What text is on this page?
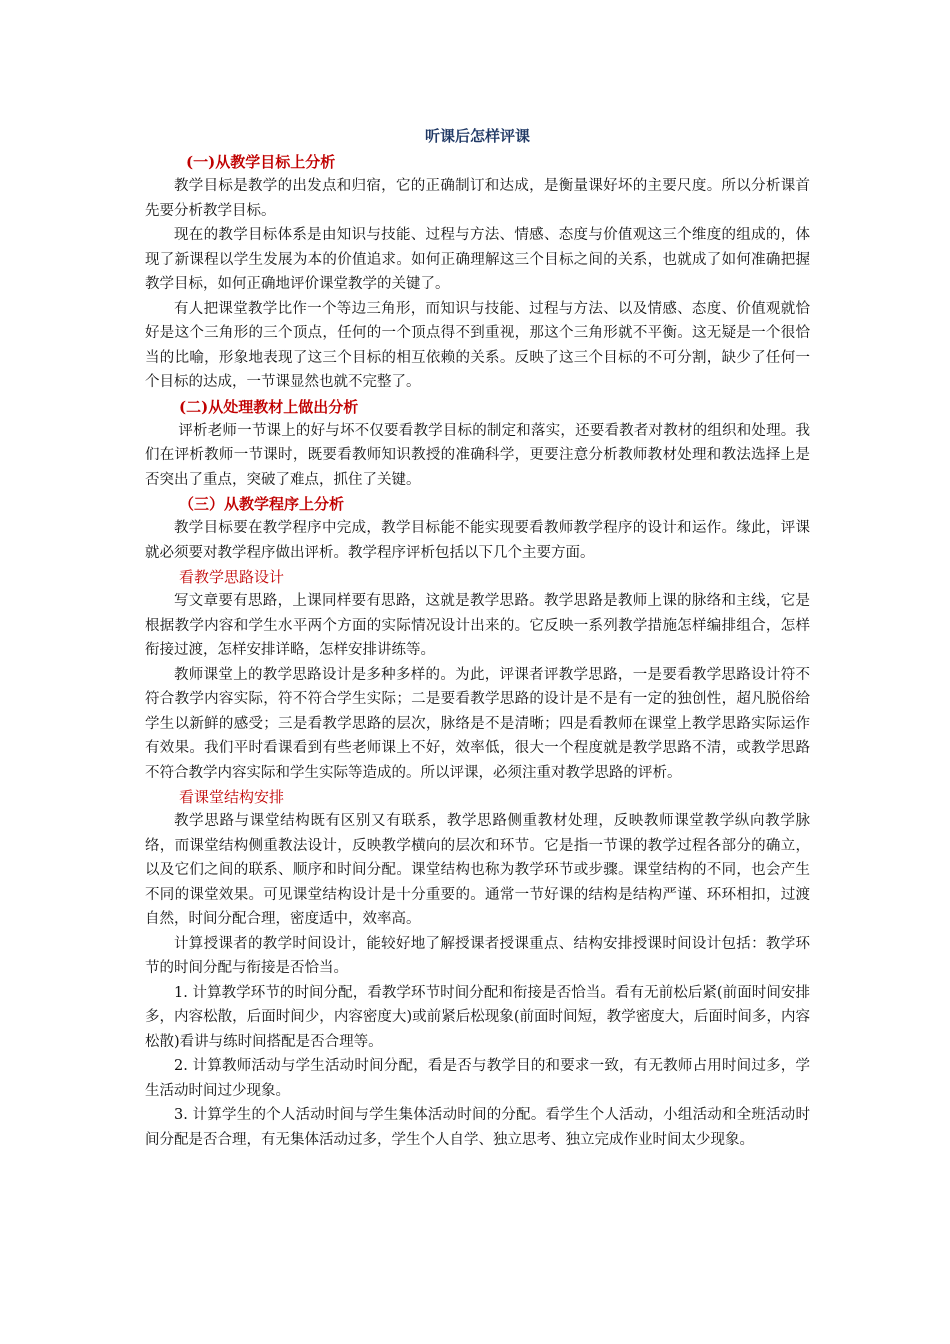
听课后怎样评课
(一)从教学目标上分析

教学目标是教学的出发点和归宿，它的正确制订和达成，是衡量课好坏的主要尺度。所以分析课首先要分析教学目标。

现在的教学目标体系是由知识与技能、过程与方法、情感、态度与价值观这三个维度的组成的，体现了新课程以学生发展为本的价值追求。如何正确理解这三个目标之间的关系，也就成了如何准确把握教学目标，如何正确地评价课堂教学的关键了。

有人把课堂教学比作一个等边三角形，而知识与技能、过程与方法、以及情感、态度、价值观就恰好是这个三角形的三个顶点，任何的一个顶点得不到重视，那这个三角形就不平衡。这无疑是一个很恰当的比喻，形象地表现了这三个目标的相互依赖的关系。反映了这三个目标的不可分割，缺少了任何一个目标的达成，一节课显然也就不完整了。

(二)从处理教材上做出分析

评析老师一节课上的好与坏不仅要看教学目标的制定和落实，还要看教者对教材的组织和处理。我们在评析教师一节课时，既要看教师知识教授的准确科学，更要注意分析教师教材处理和教法选择上是否突出了重点，突破了难点，抓住了关键。

（三）从教学程序上分析

教学目标要在教学程序中完成，教学目标能不能实现要看教师教学程序的设计和运作。缘此，评课就必须要对教学程序做出评析。教学程序评析包括以下几个主要方面。

看教学思路设计

写文章要有思路，上课同样要有思路，这就是教学思路。教学思路是教师上课的脉络和主线，它是根据教学内容和学生水平两个方面的实际情况设计出来的。它反映一系列教学措施怎样编排组合，怎样衔接过渡，怎样安排详略，怎样安排讲练等。

教师课堂上的教学思路设计是多种多样的。为此，评课者评教学思路，一是要看教学思路设计符不符合教学内容实际，符不符合学生实际；二是要看教学思路的设计是不是有一定的独创性，超凡脱俗给学生以新鲜的感受；三是看教学思路的层次，脉络是不是清晰；四是看教师在课堂上教学思路实际运作有效果。我们平时看课看到有些老师课上不好，效率低，很大一个程度就是教学思路不清，或教学思路不符合教学内容实际和学生实际等造成的。所以评课，必须注重对教学思路的评析。

看课堂结构安排

教学思路与课堂结构既有区别又有联系，教学思路侧重教材处理，反映教师课堂教学纵向教学脉络，而课堂结构侧重教法设计，反映教学横向的层次和环节。它是指一节课的教学过程各部分的确立，以及它们之间的联系、顺序和时间分配。课堂结构也称为教学环节或步骤。课堂结构的不同，也会产生不同的课堂效果。可见课堂结构设计是十分重要的。通常一节好课的结构是结构严谨、环环相扣，过渡自然，时间分配合理，密度适中，效率高。

计算授课者的教学时间设计，能较好地了解授课者授课重点、结构安排授课时间设计包括：教学环节的时间分配与衔接是否恰当。

1. 计算教学环节的时间分配，看教学环节时间分配和衔接是否恰当。看有无前松后紧(前面时间安排多，内容松散，后面时间少，内容密度大)或前紧后松现象(前面时间短，教学密度大，后面时间多，内容松散)看讲与练时间搭配是否合理等。

2. 计算教师活动与学生活动时间分配，看是否与教学目的和要求一致，有无教师占用时间过多，学生活动时间过少现象。

3. 计算学生的个人活动时间与学生集体活动时间的分配。看学生个人活动，小组活动和全班活动时间分配是否合理，有无集体活动过多，学生个人自学、独立思考、独立完成作业时间太少现象。
